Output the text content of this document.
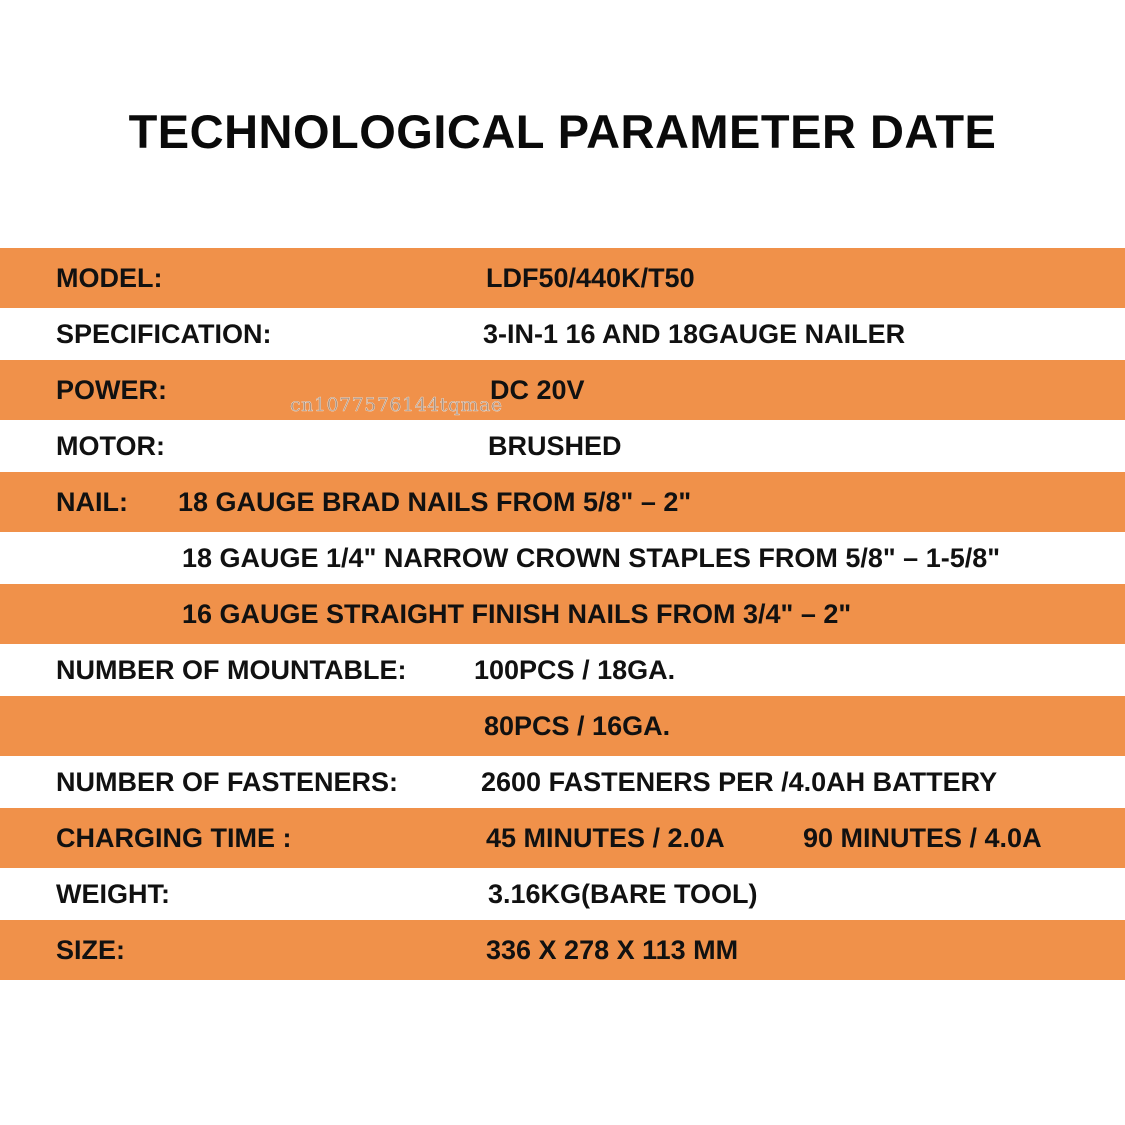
TECHNOLOGICAL PARAMETER DATE
MODEL:	LDF50/440K/T50
SPECIFICATION:	3-IN-1 16 AND 18GAUGE NAILER
POWER:	DC 20V
MOTOR:	BRUSHED
NAIL: 18 GAUGE BRAD NAILS FROM 5/8" – 2"
18 GAUGE 1/4" NARROW CROWN STAPLES FROM 5/8" – 1-5/8"
16 GAUGE STRAIGHT FINISH NAILS FROM 3/4" – 2"
NUMBER OF MOUNTABLE:	100PCS / 18GA.
80PCS / 16GA.
NUMBER OF FASTENERS:	2600 FASTENERS PER /4.0AH BATTERY
CHARGING TIME :	45 MINUTES / 2.0A	90 MINUTES / 4.0A
WEIGHT:	3.16KG(BARE TOOL)
SIZE:	336 X 278 X 113 MM
cn1077576144tqmae
